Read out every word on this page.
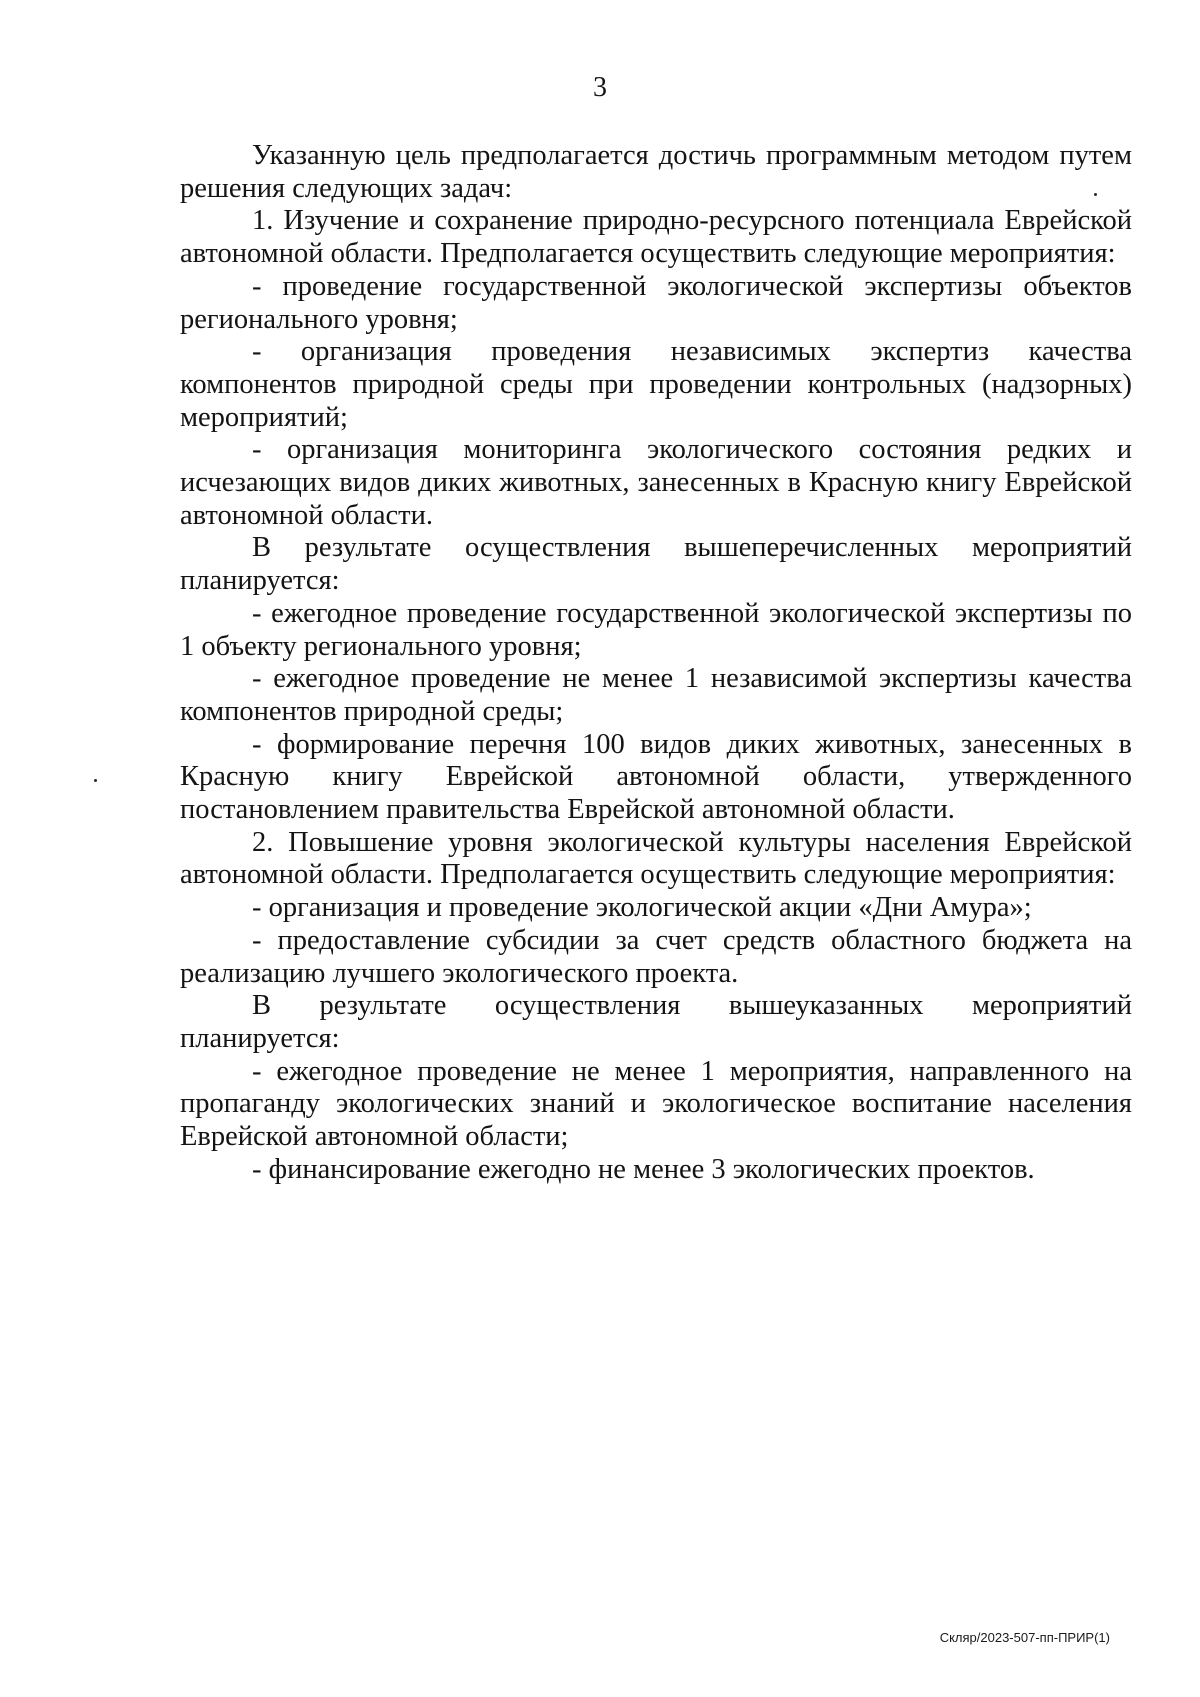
3

Указанную цель предполагается достичь программным методом путем решения следующих задач:

1. Изучение и сохранение природно-ресурсного потенциала Еврейской автономной области. Предполагается осуществить следующие мероприятия:

- проведение государственной экологической экспертизы объектов регионального уровня;

- организация проведения независимых экспертиз качества компонентов природной среды при проведении контрольных (надзорных) мероприятий;

- организация мониторинга экологического состояния редких и исчезающих видов диких животных, занесенных в Красную книгу Еврейской автономной области.

В результате осуществления вышеперечисленных мероприятий планируется:

- ежегодное проведение государственной экологической экспертизы по 1 объекту регионального уровня;

- ежегодное проведение не менее 1 независимой экспертизы качества компонентов природной среды;

- формирование перечня 100 видов диких животных, занесенных в Красную книгу Еврейской автономной области, утвержденного постановлением правительства Еврейской автономной области.

2. Повышение уровня экологической культуры населения Еврейской автономной области. Предполагается осуществить следующие мероприятия:

- организация и проведение экологической акции «Дни Амура»;

- предоставление субсидии за счет средств областного бюджета на реализацию лучшего экологического проекта.

В результате осуществления вышеуказанных мероприятий планируется:

- ежегодное проведение не менее 1 мероприятия, направленного на пропаганду экологических знаний и экологическое воспитание населения Еврейской автономной области;

- финансирование ежегодно не менее 3 экологических проектов.

Скляр/2023-507-пп-ПРИР(1)
